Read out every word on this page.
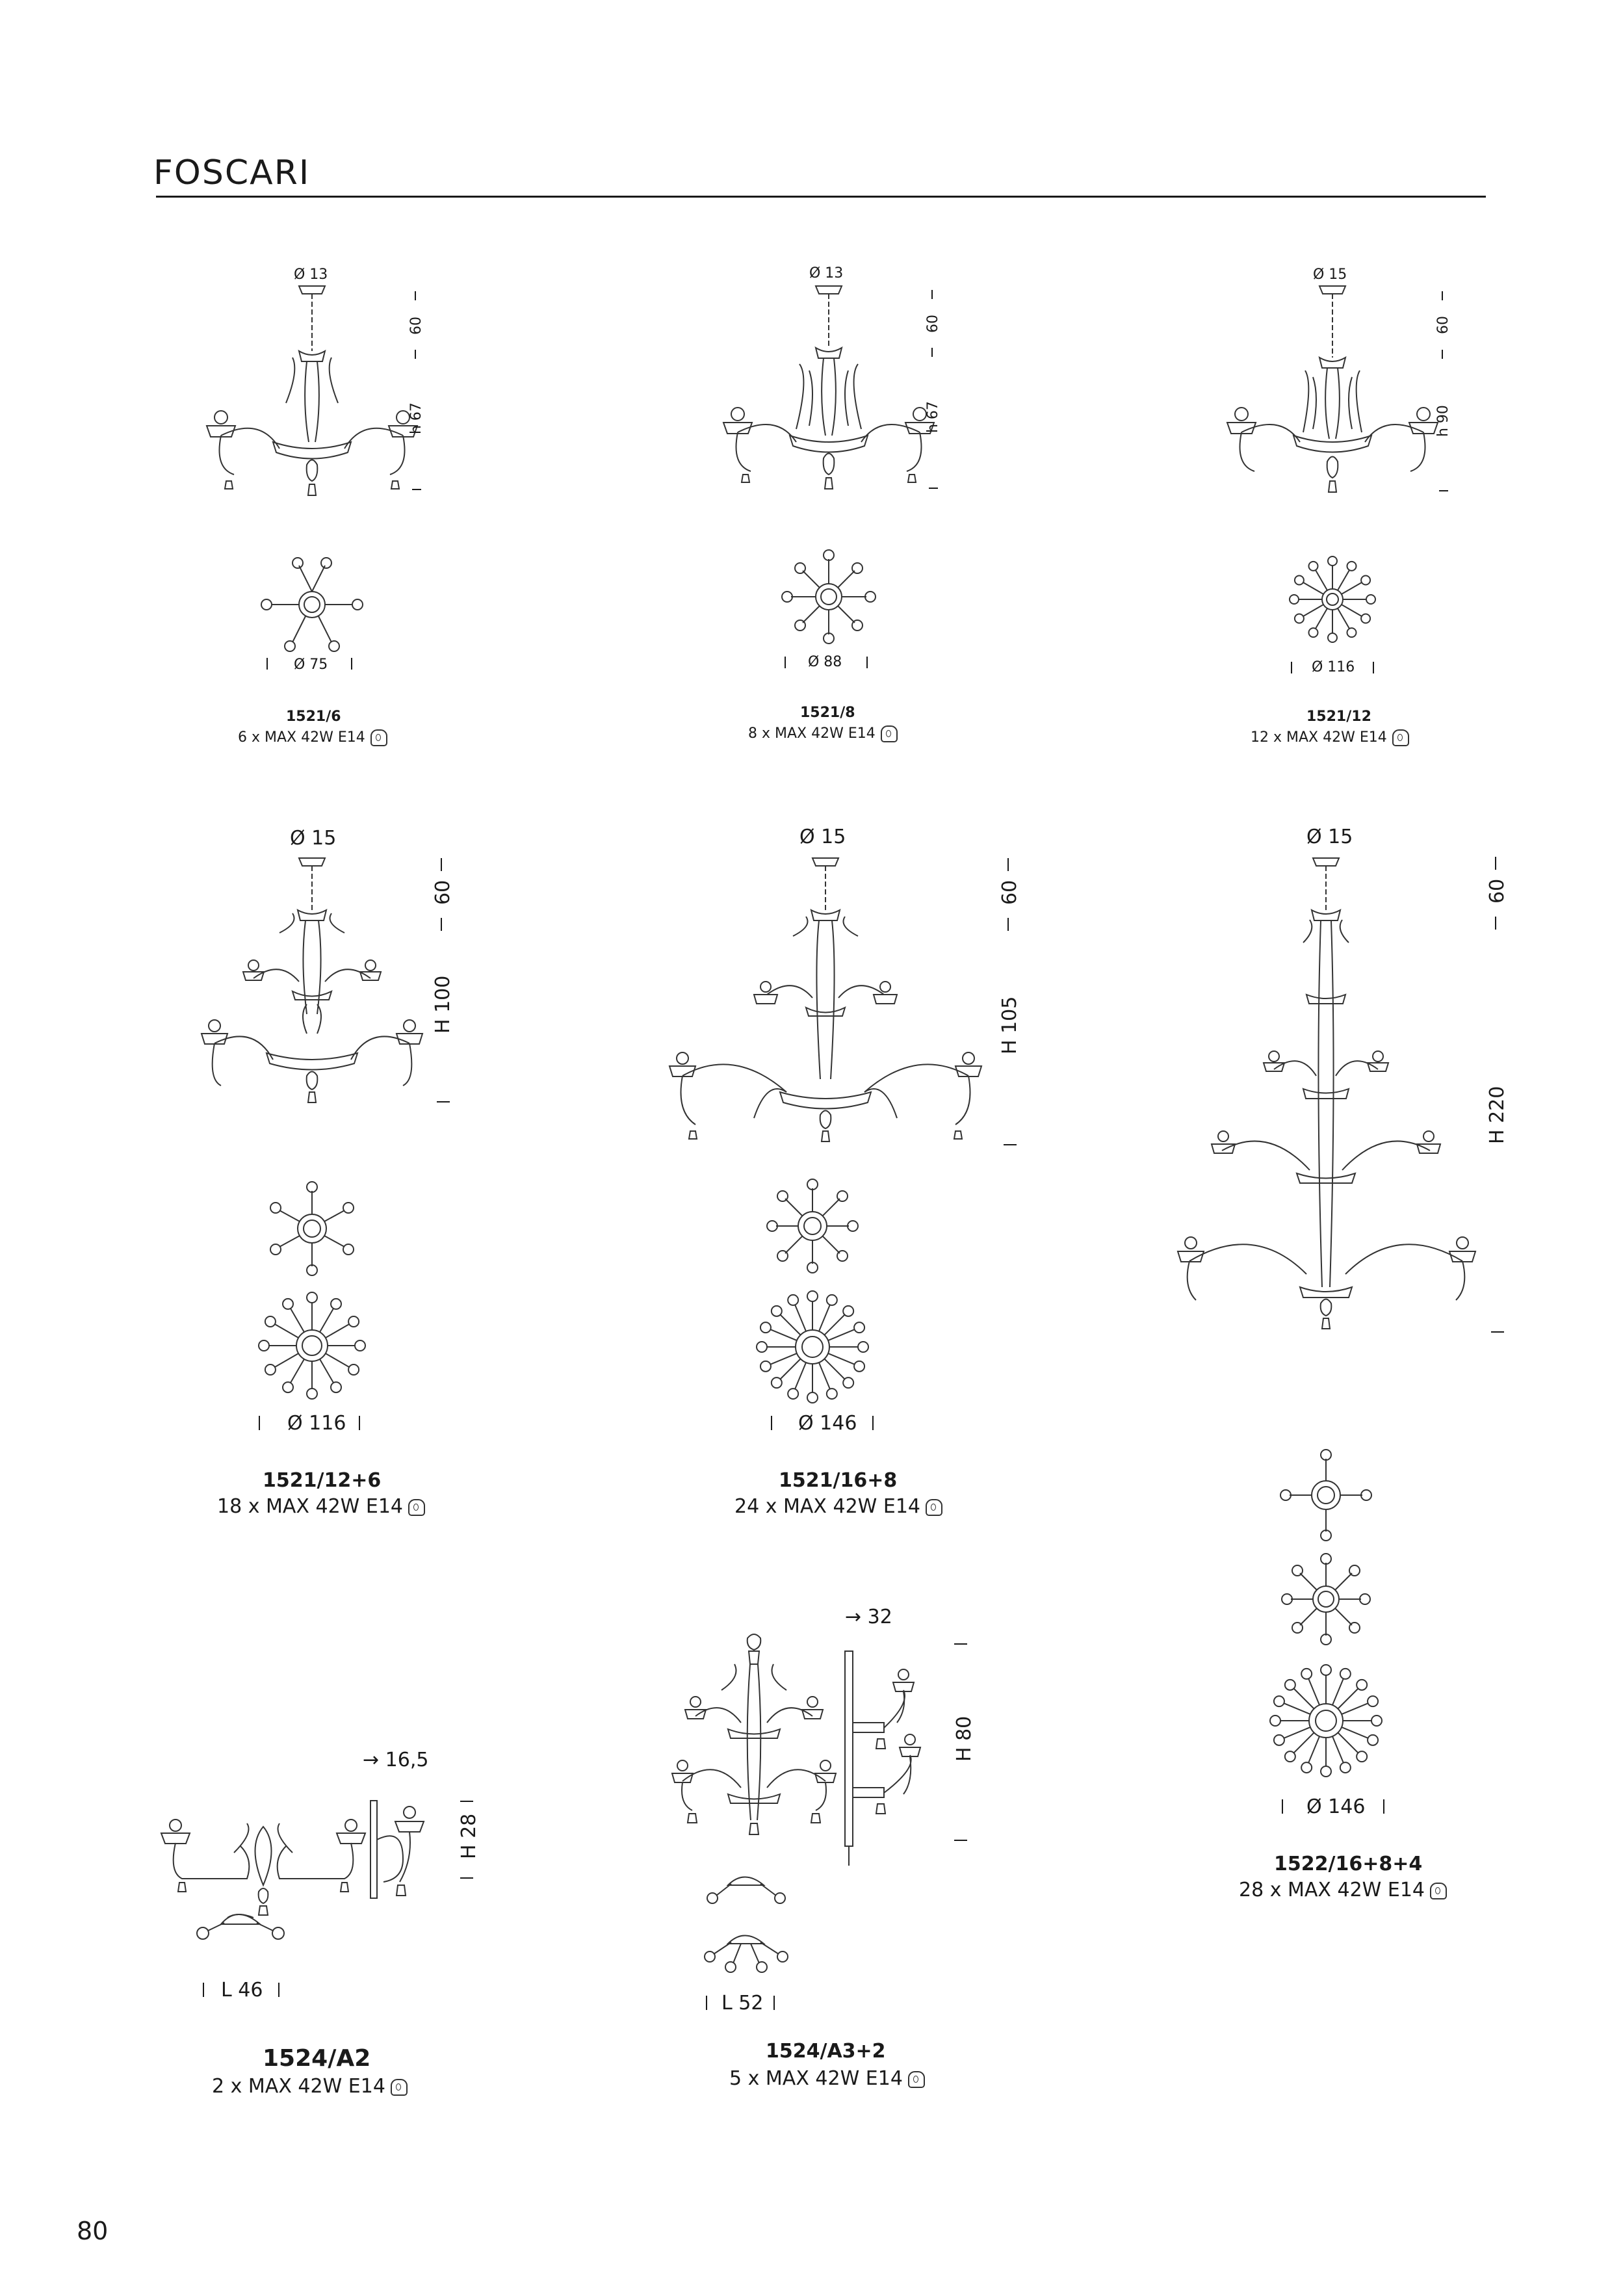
FOSCARI
Ø 13
60
h 67
Ø 75
1521/6
6 x MAX 42W E14
Ø 13
60
h 67
Ø 88
1521/8
8 x MAX 42W E14
Ø 15
60
h 90
Ø 116
1521/12
12 x MAX 42W E14
Ø 15
60
H 100
Ø 116
1521/12+6
18 x MAX 42W E14
Ø 15
60
H 105
Ø 146
1521/16+8
24 x MAX 42W E14
Ø 15
60
H 220
Ø 146
1522/16+8+4
28 x MAX 42W E14
→ 16,5
H 28
L 46
1524/A2
2 x MAX 42W E14
→ 32
H 80
L 52
1524/A3+2
5 x MAX 42W E14
80
